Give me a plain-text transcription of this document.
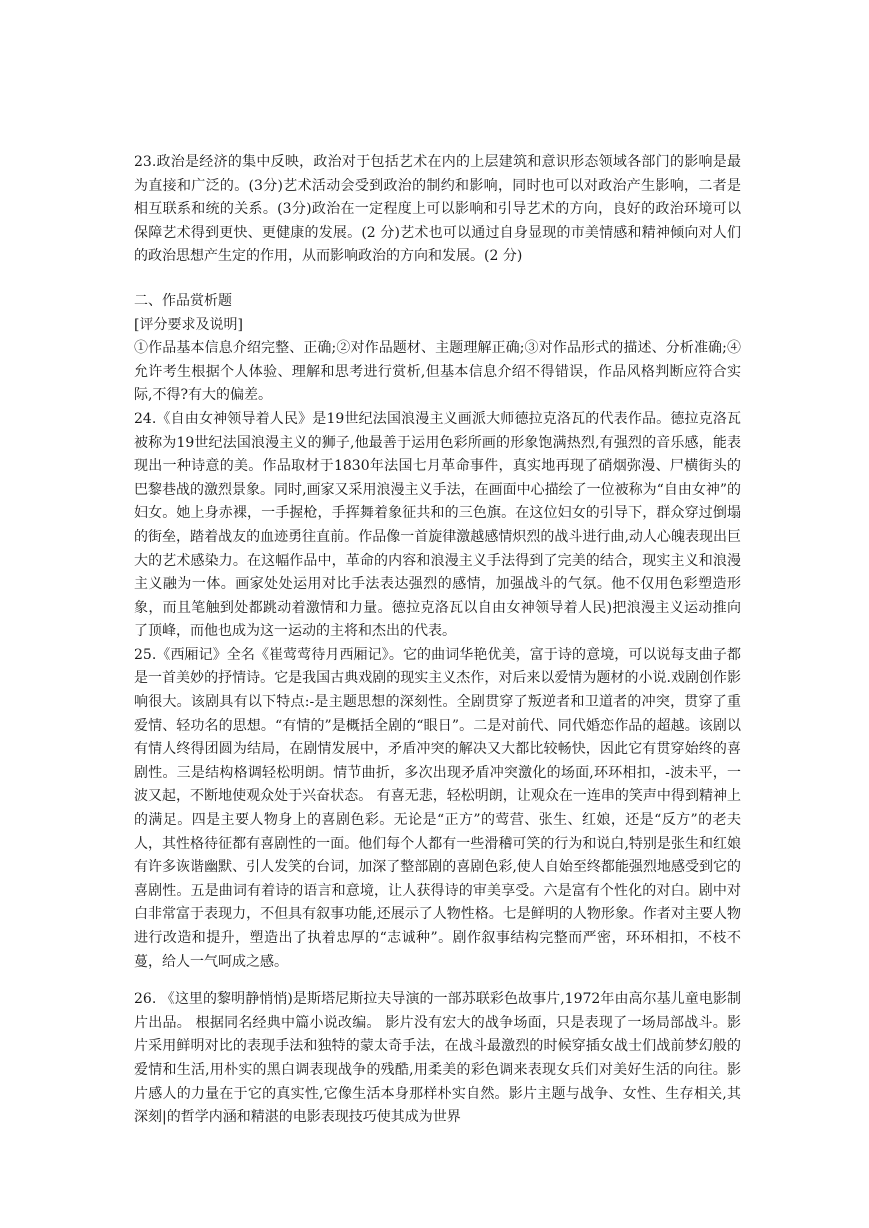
23.政治是经济的集中反映，政治对于包括艺术在内的上层建筑和意识形态领域各部门的影响是最为直接和广泛的。(3分)艺术活动会受到政治的制约和影响，同时也可以对政治产生影响，二者是相互联系和统的关系。(3分)政治在一定程度上可以影响和引导艺术的方向，良好的政治环境可以保障艺术得到更快、更健康的发展。(2 分)艺术也可以通过自身显现的市美情感和精神倾向对人们的政治思想产生定的作用，从而影响政治的方向和发展。(2 分)

二、作品赏析题

[评分要求及说明]

①作品基本信息介绍完整、正确;②对作品题材、主题理解正确;③对作品形式的描述、分析准确;④允许考生根据个人体验、理解和思考进行赏析,但基本信息介绍不得错误，作品风格判断应符合实际,不得?有大的偏差。

24.《自由女神领导着人民》是19世纪法国浪漫主义画派大师德拉克洛瓦的代表作品。德拉克洛瓦被称为19世纪法国浪漫主义的狮子,他最善于运用色彩所画的形象饱满热烈,有强烈的音乐感，能表现出一种诗意的美。作品取材于1830年法国七月革命事件，真实地再现了硝烟弥漫、尸横街头的巴黎巷战的激烈景象。同时,画家又采用浪漫主义手法，在画面中心描绘了一位被称为“自由女神”的妇女。她上身赤裸，一手握枪，手挥舞着象征共和的三色旗。在这位妇女的引导下，群众穿过倒塌的街垒，踏着战友的血迹勇往直前。作品像一首旋律激越感情炽烈的战斗进行曲,动人心魄表现出巨大的艺术感染力。在这幅作品中，革命的内容和浪漫主义手法得到了完美的结合，现实主义和浪漫主义融为一体。画家处处运用对比手法表达强烈的感情，加强战斗的气氛。他不仅用色彩塑造形象，而且笔触到处都跳动着激情和力量。德拉克洛瓦以自由女神领导着人民)把浪漫主义运动推向了顶峰，而他也成为这一运动的主将和杰出的代表。

25.《西厢记》全名《崔莺莺待月西厢记》。它的曲词华艳优美，富于诗的意境，可以说每支曲子都是一首美妙的抒情诗。它是我国古典戏剧的现实主义杰作，对后来以爱情为题材的小说.戏剧创作影响很大。该剧具有以下特点:-是主题思想的深刻性。全剧贯穿了叛逆者和卫道者的冲突，贯穿了重爱情、轻功名的思想。“有情的”是概括全剧的“眼日”。二是对前代、同代婚恋作品的超越。该剧以有情人终得团圆为结局，在剧情发展中，矛盾冲突的解决又大都比较畅快，因此它有贯穿始终的喜剧性。三是结构格调轻松明朗。情节曲折，多次出现矛盾冲突激化的场面,环环相扣，-波未平，一波又起，不断地使观众处于兴奋状态。 有喜无悲，轻松明朗，让观众在一连串的笑声中得到精神上的满足。四是主要人物身上的喜剧色彩。无论是“正方”的莺营、张生、红娘，还是“反方”的老夫人，其性格待征都有喜剧性的一面。他们每个人都有一些滑稽可笑的行为和说白,特别是张生和红娘有许多诙谐幽默、引人发笑的台词，加深了整部剧的喜剧色彩,使人自始至终都能强烈地感受到它的喜剧性。五是曲词有着诗的语言和意境，让人获得诗的审美享受。六是富有个性化的对白。剧中对白非常富于表现力，不但具有叙事功能,还展示了人物性格。七是鲜明的人物形象。作者对主要人物进行改造和提升，塑造出了执着忠厚的“志诚种”。剧作叙事结构完整而严密，环环相扣，不枝不蔓，给人一气呵成之感。

26. 《这里的黎明静悄悄)是斯塔尼斯拉夫导演的一部苏联彩色故事片,1972年由高尔基儿童电影制片出品。 根据同名经典中篇小说改编。 影片没有宏大的战争场面，只是表现了一场局部战斗。影片采用鲜明对比的表现手法和独特的蒙太奇手法，在战斗最激烈的时候穿插女战士们战前梦幻般的爱情和生活,用朴实的黑白调表现战争的残酷,用柔美的彩色调来表现女兵们对美好生活的向往。影片感人的力量在于它的真实性,它像生活本身那样朴实自然。影片主题与战争、女性、生存相关,其深刻|的哲学内涵和精湛的电影表现技巧使其成为世界
